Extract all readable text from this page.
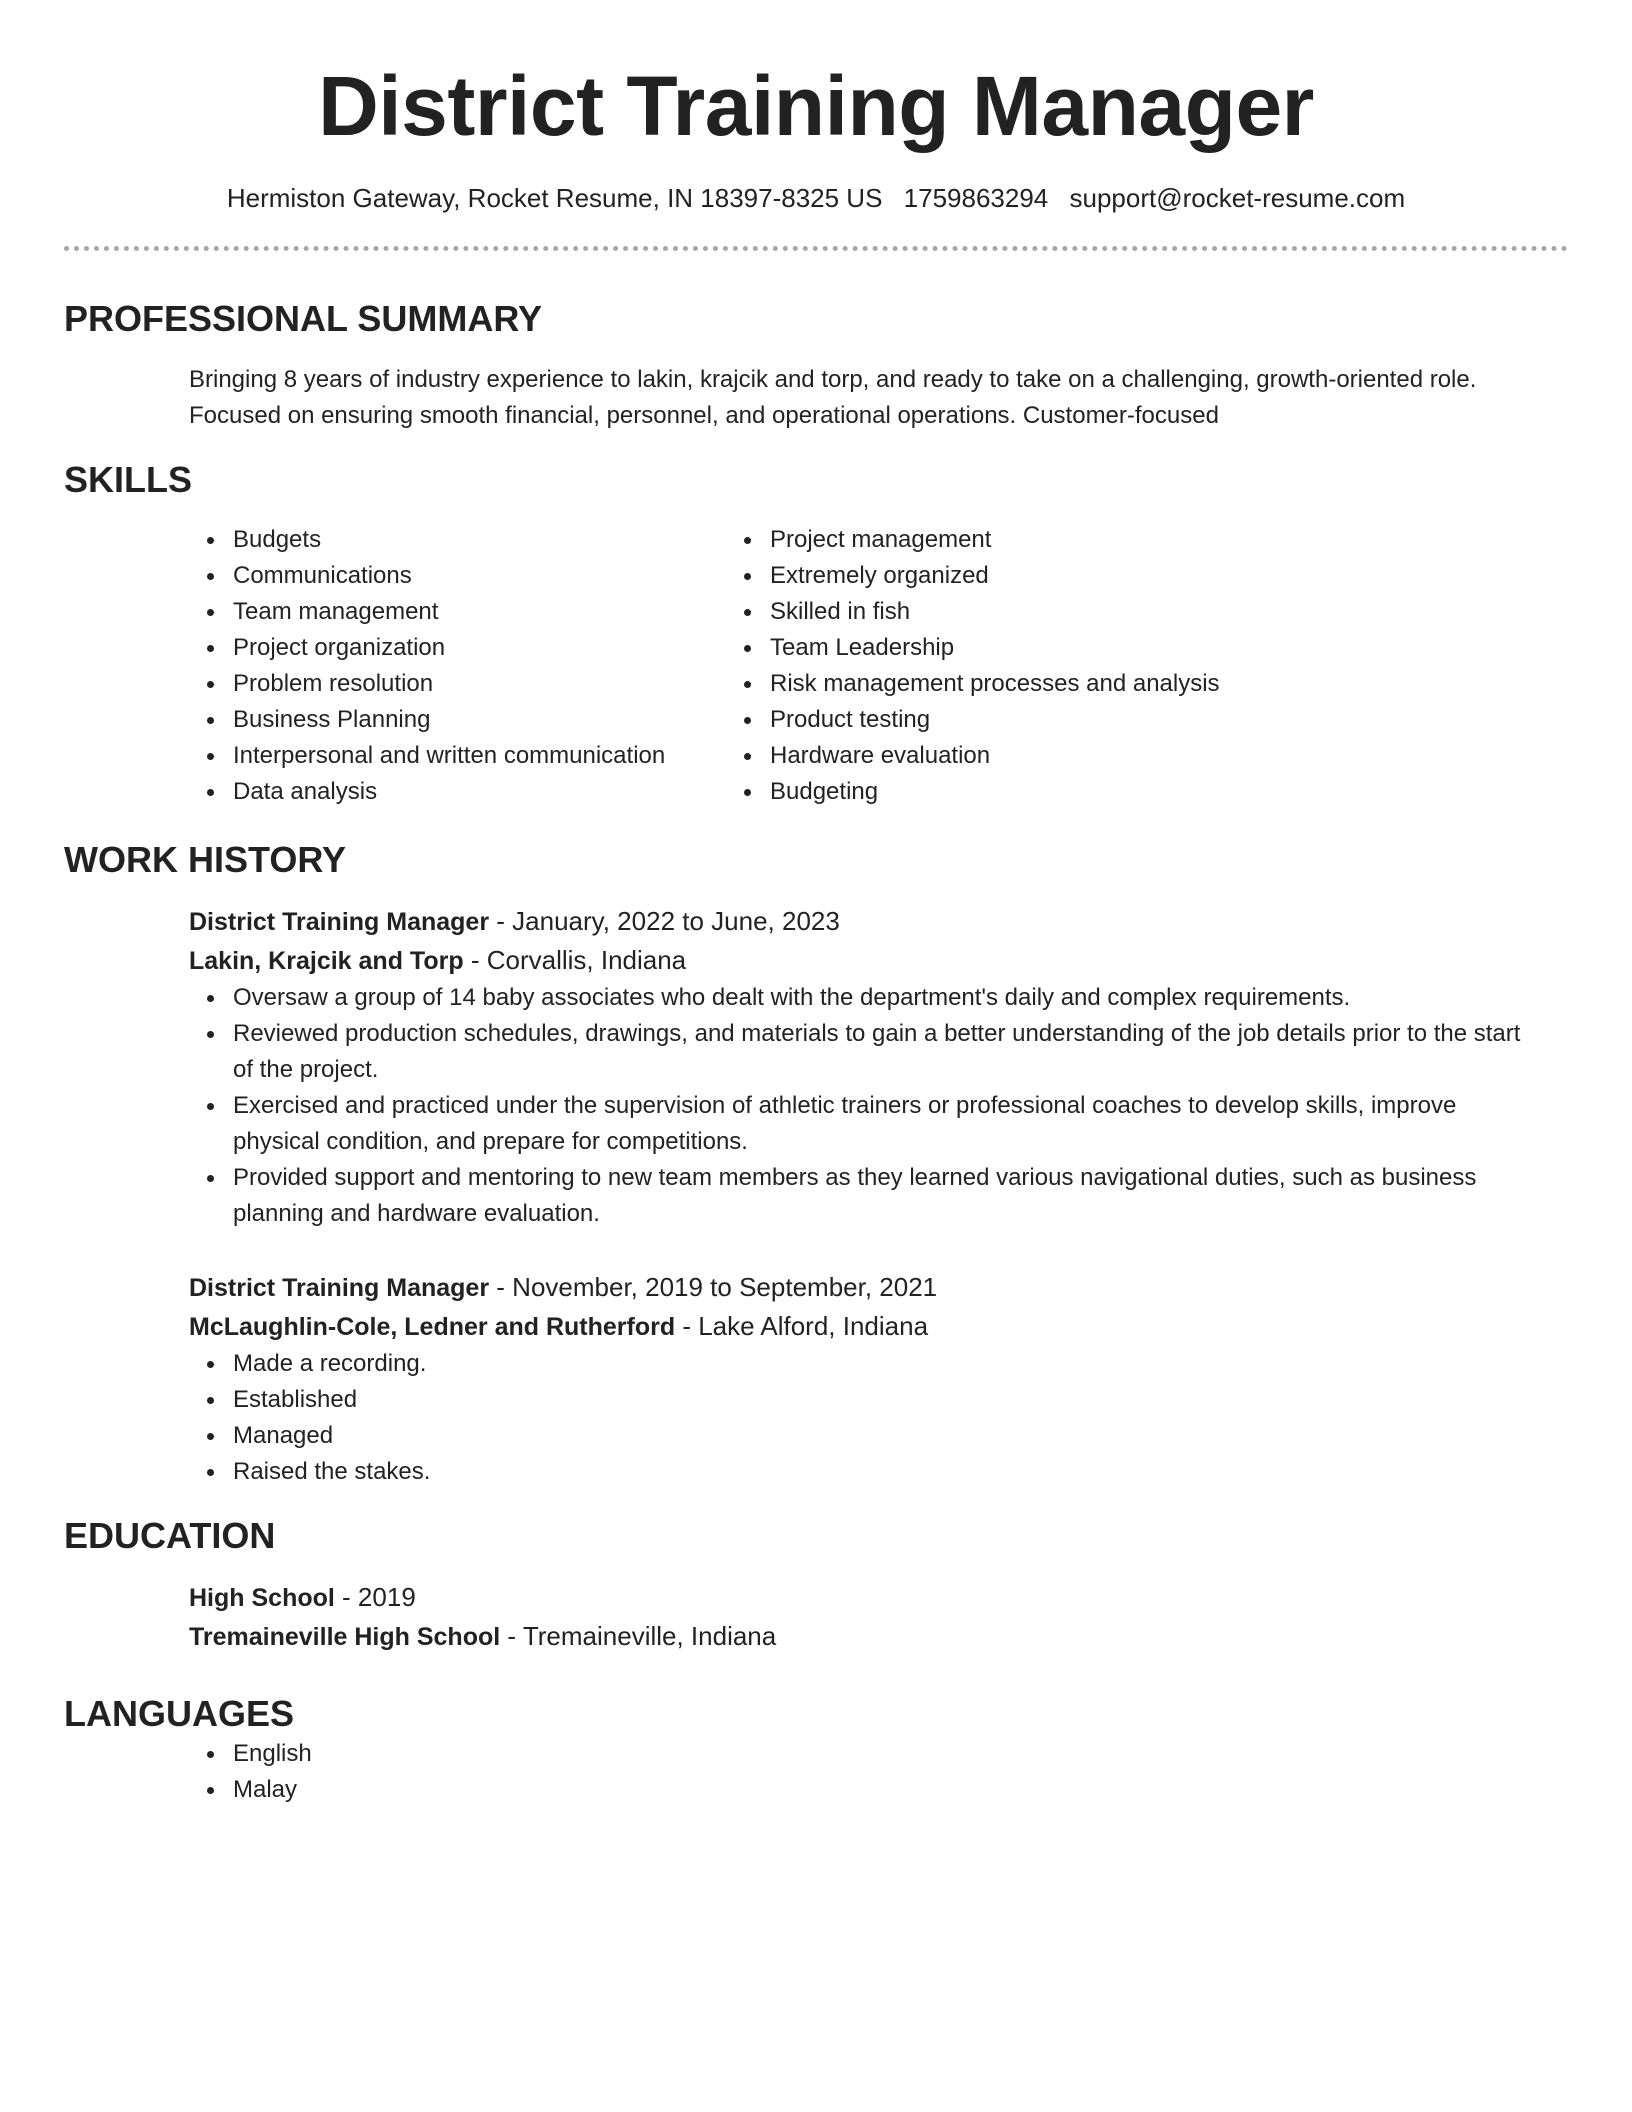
District Training Manager
Hermiston Gateway, Rocket Resume, IN 18397-8325 US 1759863294 support@rocket-resume.com
PROFESSIONAL SUMMARY

Bringing 8 years of industry experience to lakin, krajcik and torp, and ready to take on a challenging, growth-oriented role. Focused on ensuring smooth financial, personnel, and operational operations. Customer-focused

SKILLS
Budgets
Communications
Team management
Project organization
Problem resolution
Business Planning
Interpersonal and written communication
Data analysis
Project management
Extremely organized
Skilled in fish
Team Leadership
Risk management processes and analysis
Product testing
Hardware evaluation
Budgeting
WORK HISTORY
District Training Manager - January, 2022 to June, 2023
Lakin, Krajcik and Torp - Corvallis, Indiana
Oversaw a group of 14 baby associates who dealt with the department's daily and complex requirements.
Reviewed production schedules, drawings, and materials to gain a better understanding of the job details prior to the start of the project.
Exercised and practiced under the supervision of athletic trainers or professional coaches to develop skills, improve physical condition, and prepare for competitions.
Provided support and mentoring to new team members as they learned various navigational duties, such as business planning and hardware evaluation.
District Training Manager - November, 2019 to September, 2021
McLaughlin-Cole, Ledner and Rutherford - Lake Alford, Indiana
Made a recording.
Established
Managed
Raised the stakes.
EDUCATION
High School - 2019
Tremaineville High School - Tremaineville, Indiana
LANGUAGES
English
Malay
